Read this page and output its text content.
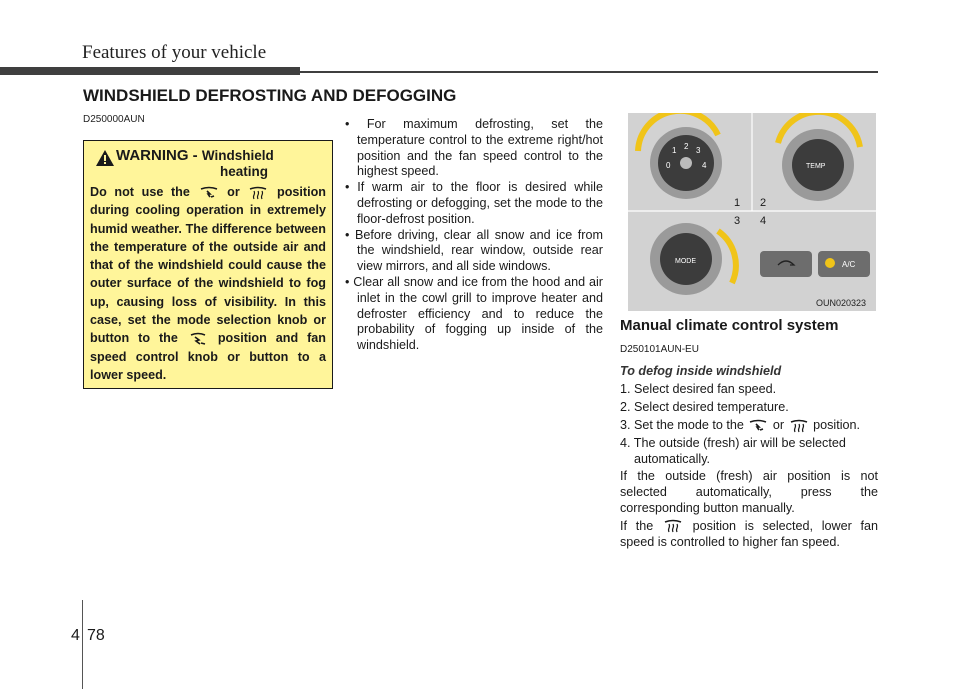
Features of your vehicle
WINDSHIELD DEFROSTING AND DEFOGGING
D250000AUN
WARNING - Windshield
heating
Do not use the	or	position during cooling operation in extremely humid weather. The difference between the temperature of the outside air and that of the windshield could cause the outer surface of the windshield to fog up, causing loss of visibility. In this case, set the mode selection knob or button to the	position and fan speed control knob or button to a lower speed.
• For maximum defrosting, set the temperature control to the extreme right/hot position and the fan speed control to the highest speed.
• If warm air to the floor is desired while defrosting or defogging, set the mode to the floor-defrost position.
• Before driving, clear all snow and ice from the windshield, rear window, outside rear view mirrors, and all side windows.
• Clear all snow and ice from the hood and air inlet in the cowl grill to improve heater and defroster efficiency and to reduce the probability of fogging up inside of the windshield.
0
1 2 3
4	TEMP
MODE	A/C
1 2
3 4
OUN020323
Manual climate control system
D250101AUN-EU
To defog inside windshield
1. Select desired fan speed.
2. Select desired temperature.
3. Set the mode to the or position.
4. The outside (fresh) air will be selected automatically.
If the outside (fresh) air position is not selected automatically, press the corresponding button manually.
If the	position is selected, lower fan speed is controlled to higher fan speed.
4 78
